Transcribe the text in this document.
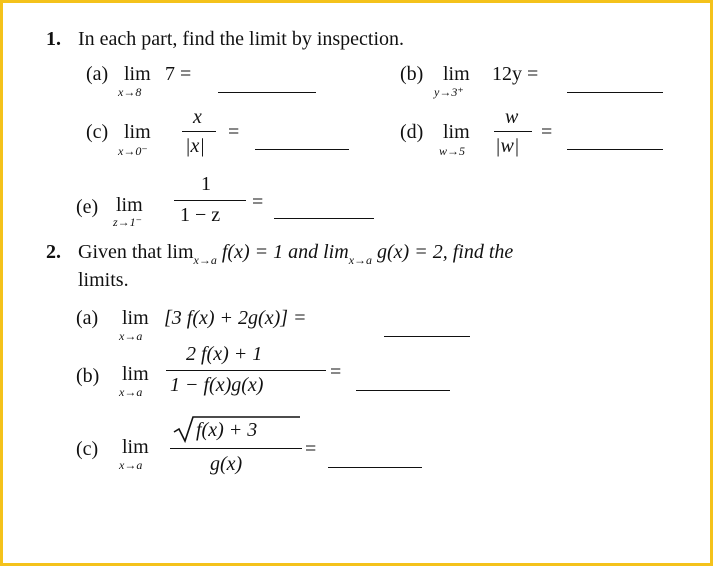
1. In each part, find the limit by inspection.
(a) lim
x→8
7 =	(b) lim
y→3⁺
12y =
(c) lim
x→0⁻
x
|x|
=	(d) lim
w→5
w
|w|
=
(e) lim
z→1⁻
1
1 − z
=
2. Given that $\lim_{x\to a} f(x) = 1$ and $\lim_{x\to a} g(x) = 2$, find the
limits.
(a) lim
x→a
[3 f(x) + 2g(x)] =
(b) lim
x→a
2 f(x) + 1
1 − f(x)g(x)
=
(c) lim
x→a
f(x) + 3
g(x)
=
